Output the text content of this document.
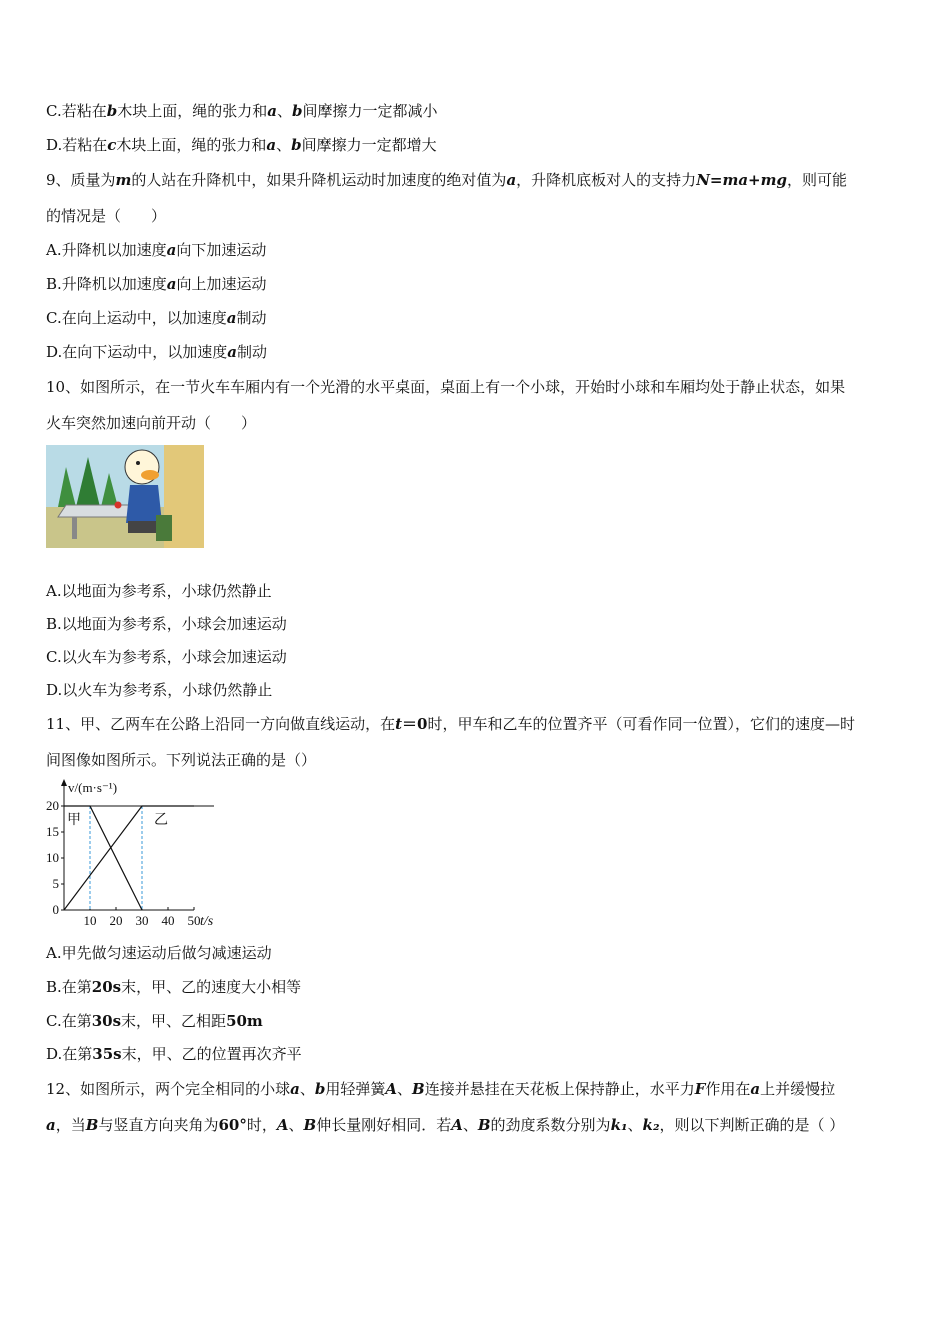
C.若粘在b木块上面，绳的张力和a、b间摩擦力一定都减小
D.若粘在c木块上面，绳的张力和a、b间摩擦力一定都增大
9、质量为m的人站在升降机中，如果升降机运动时加速度的绝对值为a，升降机底板对人的支持力N=ma+mg，则可能
的情况是（　　）
A.升降机以加速度a向下加速运动
B.升降机以加速度a向上加速运动
C.在向上运动中，以加速度a制动
D.在向下运动中，以加速度a制动
10、如图所示，在一节火车车厢内有一个光滑的水平桌面，桌面上有一个小球，开始时小球和车厢均处于静止状态，如果
火车突然加速向前开动（　　）
A.以地面为参考系，小球仍然静止
B.以地面为参考系，小球会加速运动
C.以火车为参考系，小球会加速运动
D.以火车为参考系，小球仍然静止
11、甲、乙两车在公路上沿同一方向做直线运动，在t＝0时，甲车和乙车的位置齐平（可看作同一位置），它们的速度—时
间图像如图所示。下列说法正确的是（）
v/(m·s⁻¹)
t/s
0
5
10
15
20
10 20 30 40 50
甲	乙
A.甲先做匀速运动后做匀减速运动
B.在第20s末，甲、乙的速度大小相等
C.在第30s末，甲、乙相距50m
D.在第35s末，甲、乙的位置再次齐平
12、如图所示，两个完全相同的小球a、b用轻弹簧A、B连接并悬挂在天花板上保持静止，水平力F作用在a上并缓慢拉
a，当B与竖直方向夹角为60°时，A、B伸长量刚好相同．若A、B的劲度系数分别为k₁、k₂，则以下判断正确的是（ ）
